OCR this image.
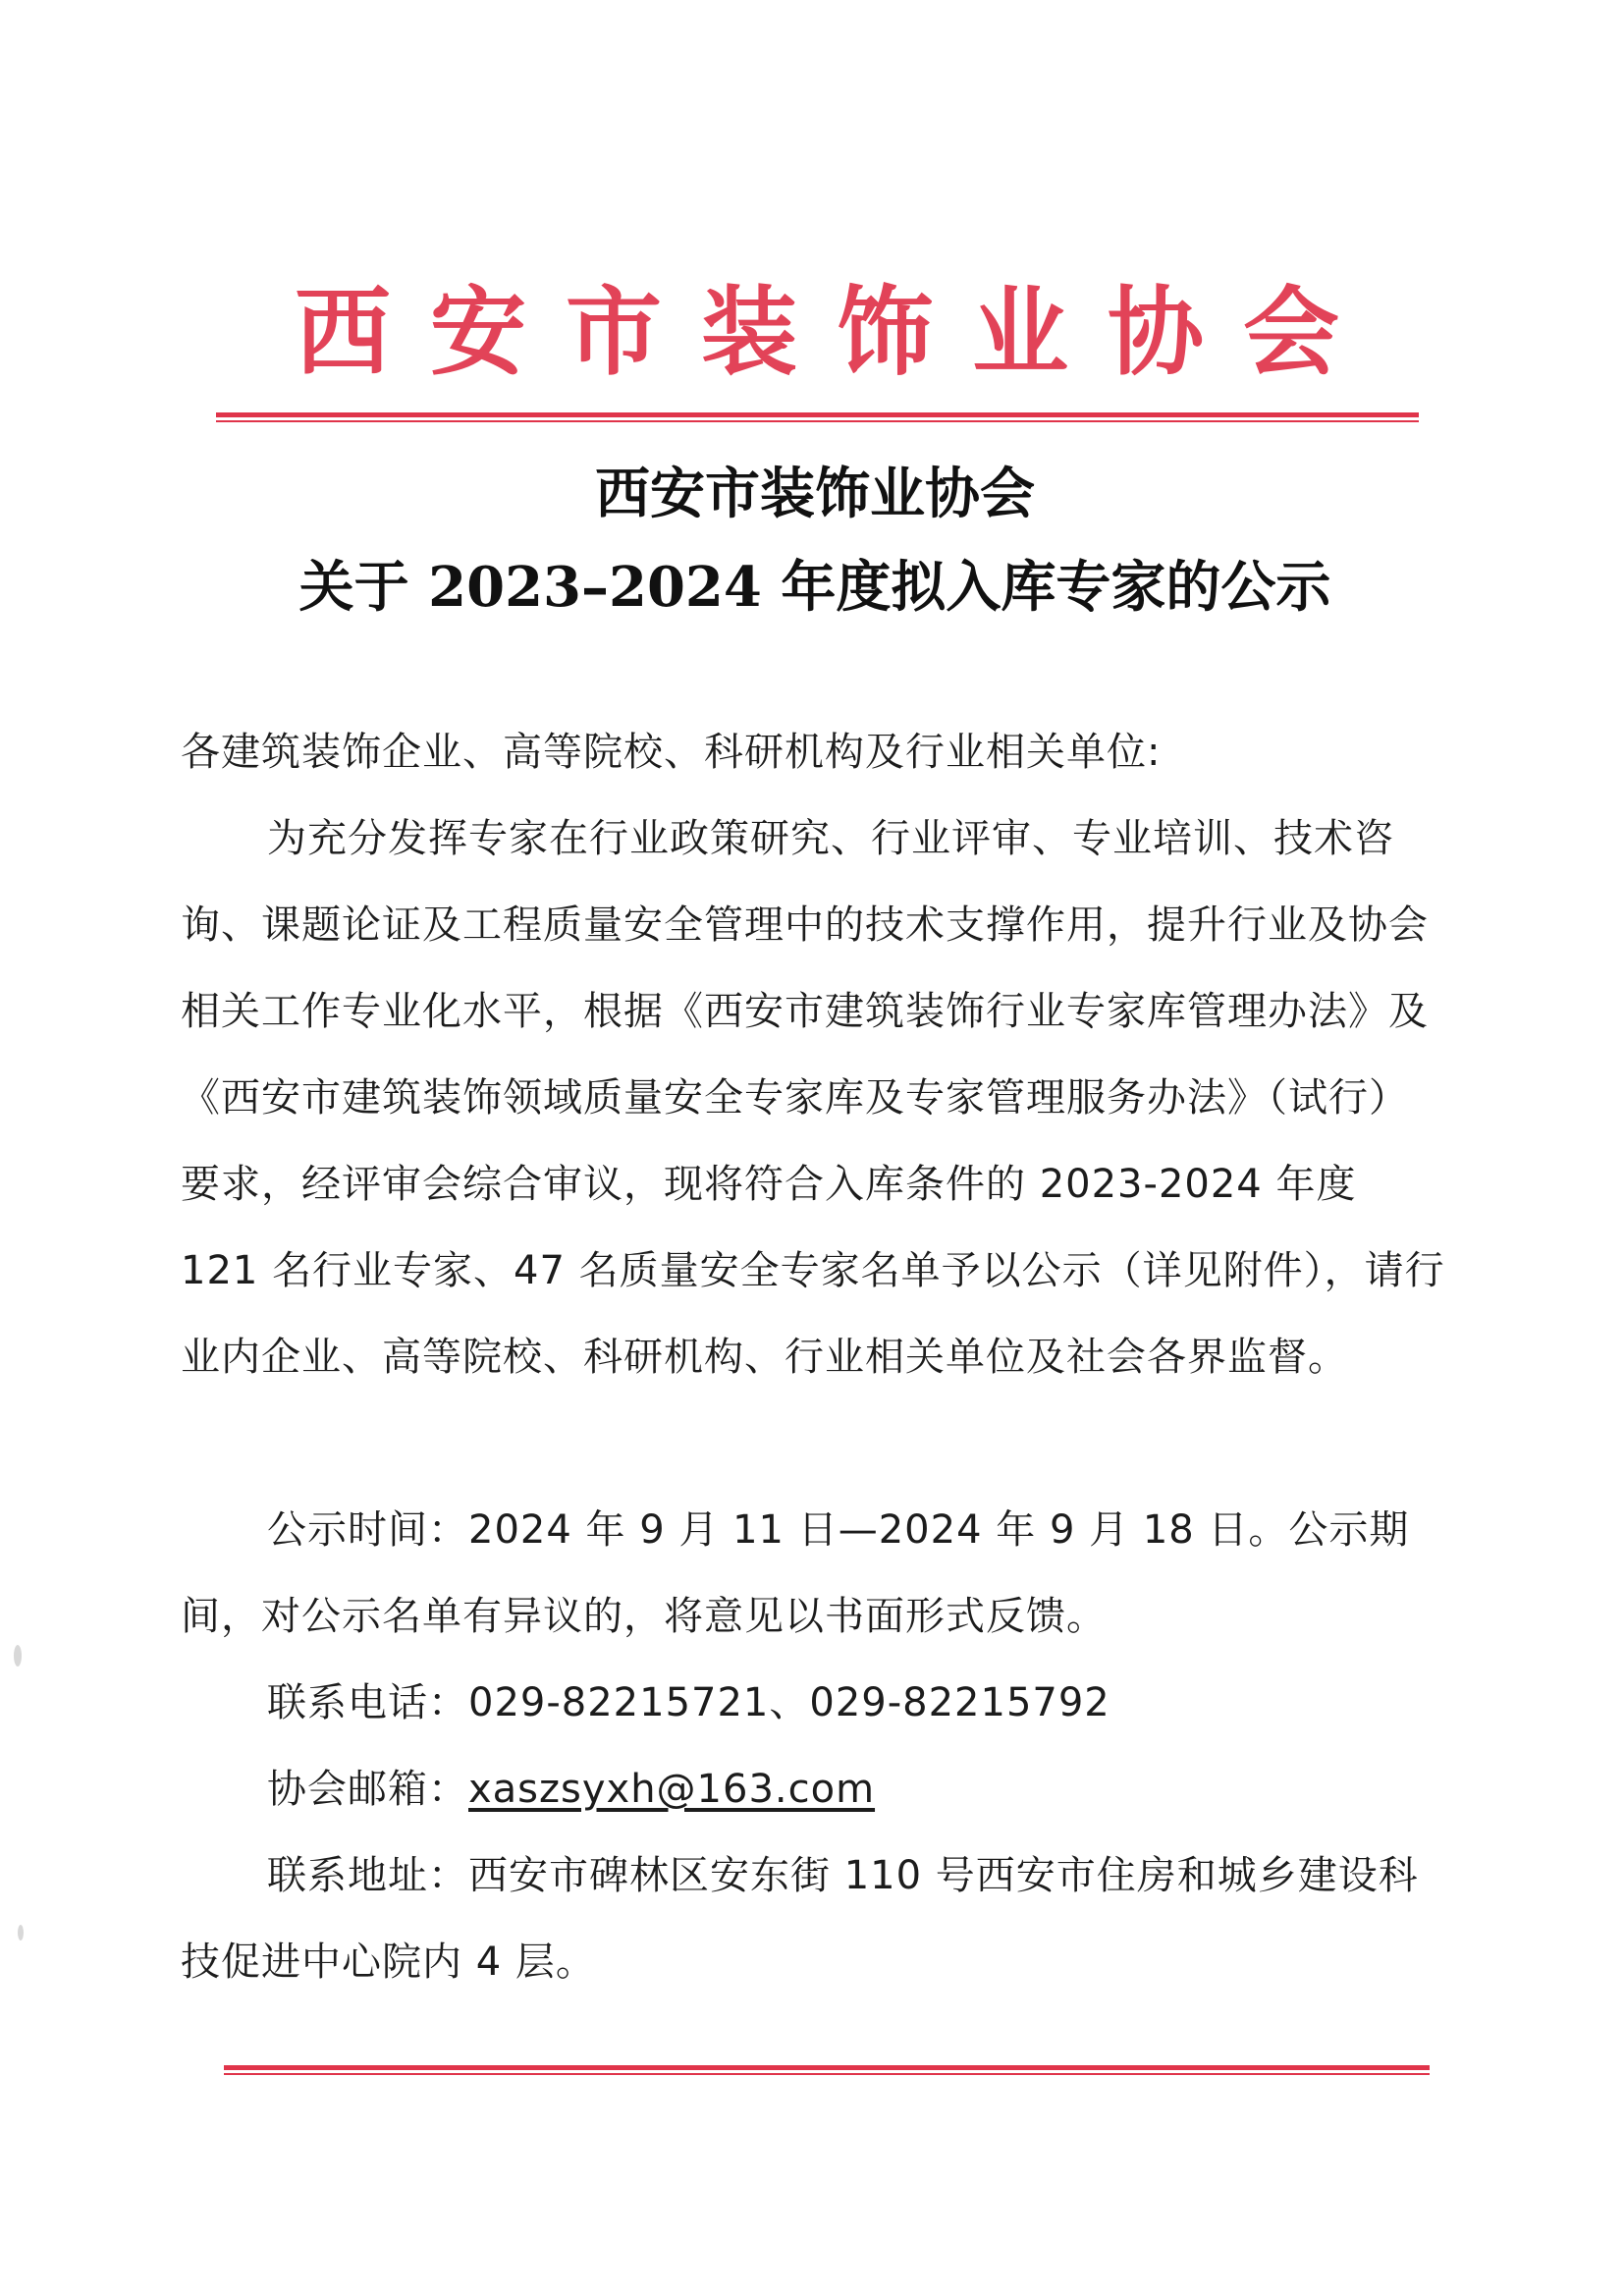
西安市装饰业协会
西安市装饰业协会
关于 2023–2024 年度拟入库专家的公示
各建筑装饰企业、高等院校、科研机构及行业相关单位:
为充分发挥专家在行业政策研究、行业评审、专业培训、技术咨询、课题论证及工程质量安全管理中的技术支撑作用，提升行业及协会相关工作专业化水平，根据《西安市建筑装饰行业专家库管理办法》及《西安市建筑装饰领域质量安全专家库及专家管理服务办法》（试行）要求，经评审会综合审议，现将符合入库条件的 2023-2024 年度 121 名行业专家、47 名质量安全专家名单予以公示（详见附件），请行业内企业、高等院校、科研机构、行业相关单位及社会各界监督。
公示时间：2024 年 9 月 11 日—2024 年 9 月 18 日。公示期间，对公示名单有异议的，将意见以书面形式反馈。
联系电话：029-82215721、029-82215792
协会邮箱：xaszsyxh@163.com
联系地址：西安市碑林区安东街 110 号西安市住房和城乡建设科技促进中心院内 4 层。
